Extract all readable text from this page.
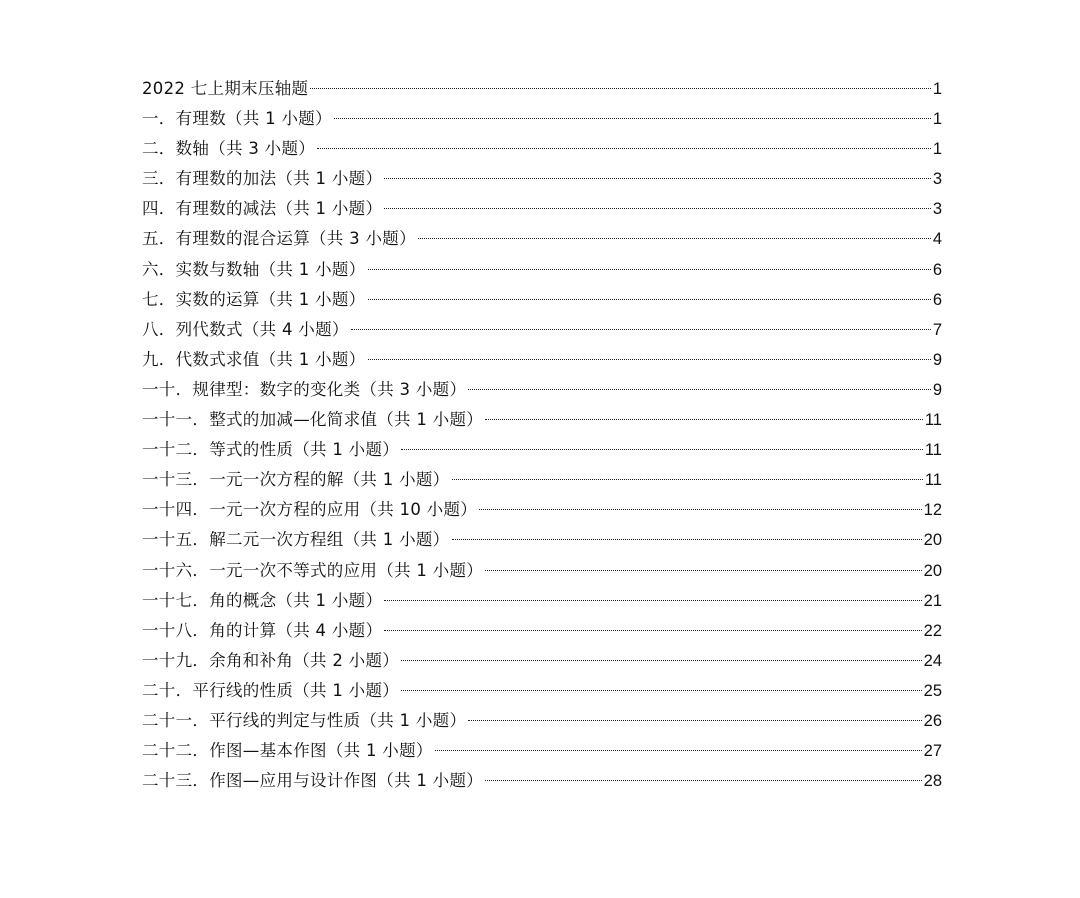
2022 七上期末压轴题	1
一．有理数（共 1 小题）	1
二．数轴（共 3 小题）	1
三．有理数的加法（共 1 小题）	3
四．有理数的减法（共 1 小题）	3
五．有理数的混合运算（共 3 小题）	4
六．实数与数轴（共 1 小题）	6
七．实数的运算（共 1 小题）	6
八．列代数式（共 4 小题）	7
九．代数式求值（共 1 小题）	9
一十．规律型：数字的变化类（共 3 小题）	9
一十一．整式的加减—化简求值（共 1 小题）	11
一十二．等式的性质（共 1 小题）	11
一十三．一元一次方程的解（共 1 小题）	11
一十四．一元一次方程的应用（共 10 小题）	12
一十五．解二元一次方程组（共 1 小题）	20
一十六．一元一次不等式的应用（共 1 小题）	20
一十七．角的概念（共 1 小题）	21
一十八．角的计算（共 4 小题）	22
一十九．余角和补角（共 2 小题）	24
二十．平行线的性质（共 1 小题）	25
二十一．平行线的判定与性质（共 1 小题）	26
二十二．作图—基本作图（共 1 小题）	27
二十三．作图—应用与设计作图（共 1 小题）	28
